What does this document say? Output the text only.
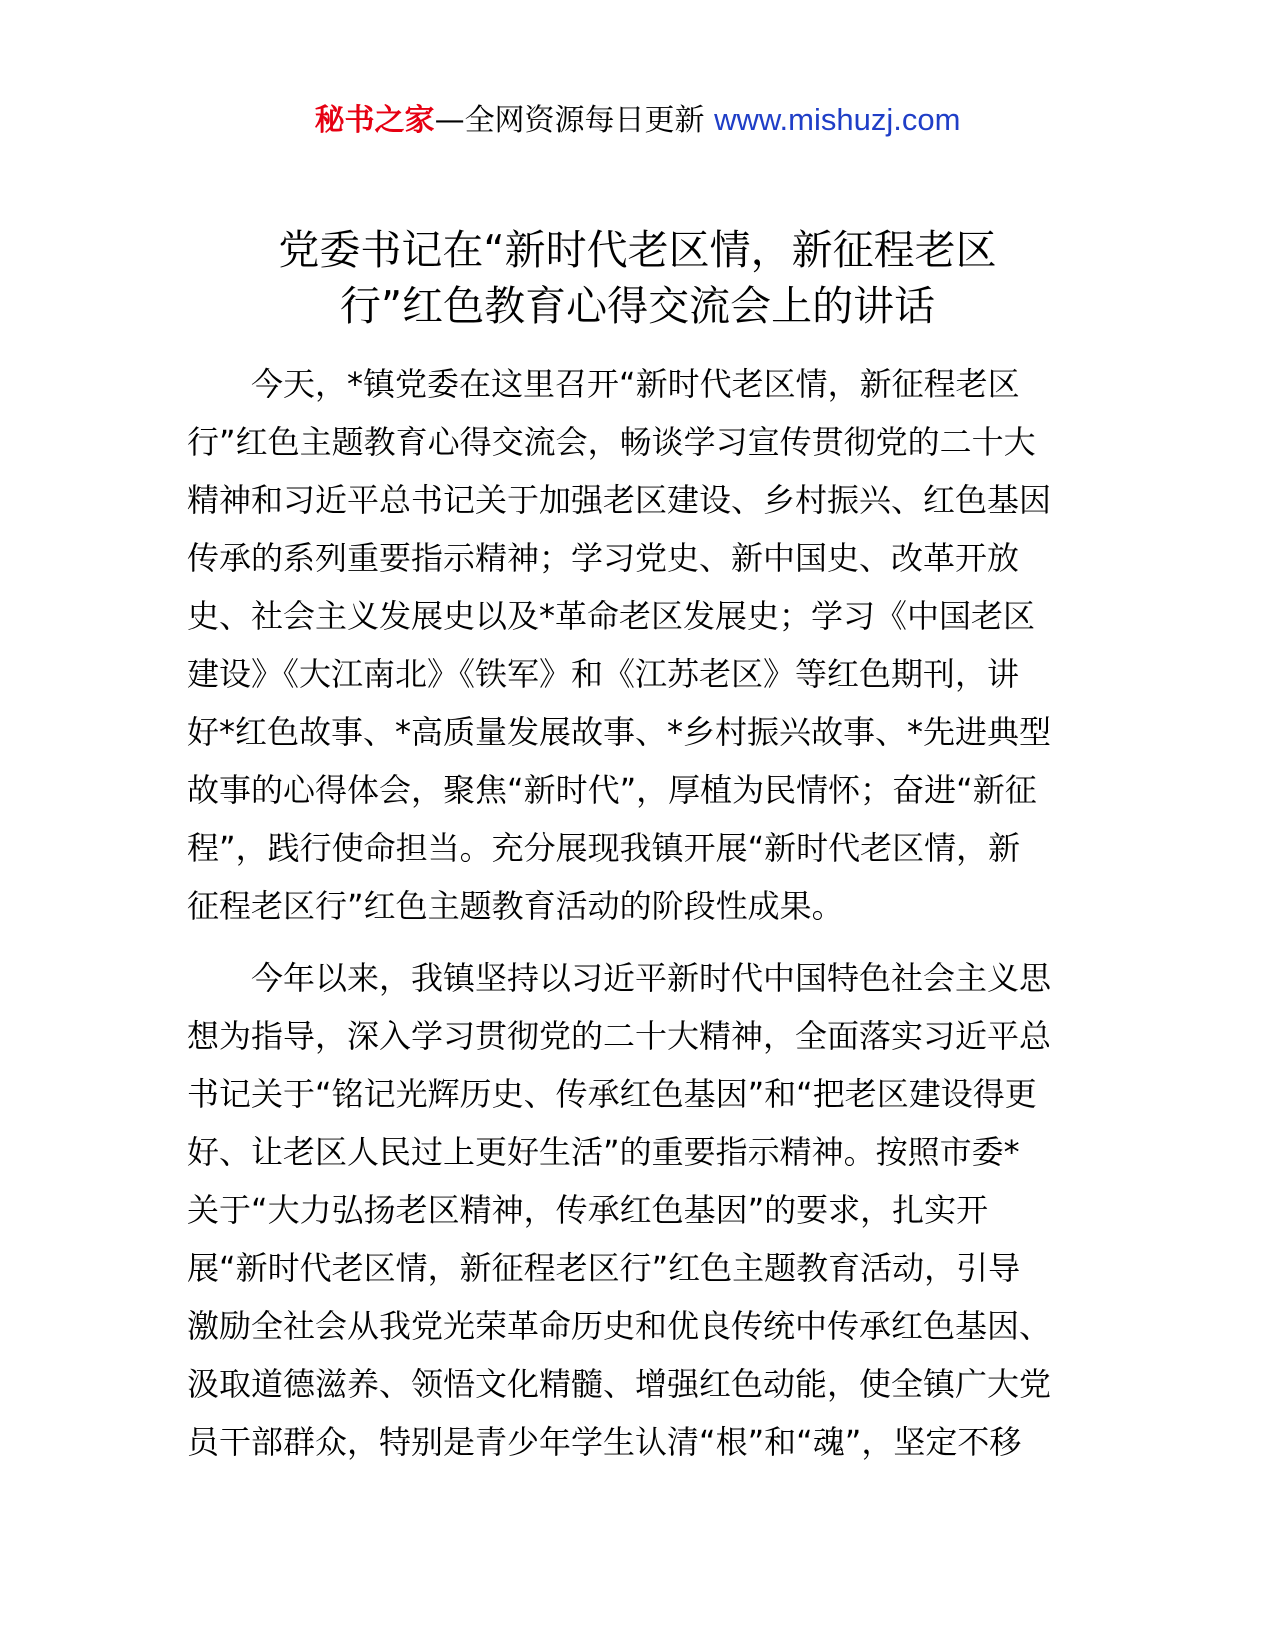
秘书之家—全网资源每日更新 www.mishuzj.com
党委书记在“新时代老区情，新征程老区
行”红色教育心得交流会上的讲话
　　今天，*镇党委在这里召开“新时代老区情，新征程老区
行”红色主题教育心得交流会，畅谈学习宣传贯彻党的二十大
精神和习近平总书记关于加强老区建设、乡村振兴、红色基因
传承的系列重要指示精神；学习党史、新中国史、改革开放
史、社会主义发展史以及*革命老区发展史；学习《中国老区
建设》《大江南北》《铁军》和《江苏老区》等红色期刊，讲
好*红色故事、*高质量发展故事、*乡村振兴故事、*先进典型
故事的心得体会，聚焦“新时代”，厚植为民情怀；奋进“新征
程”，践行使命担当。充分展现我镇开展“新时代老区情，新
征程老区行”红色主题教育活动的阶段性成果。
　　今年以来，我镇坚持以习近平新时代中国特色社会主义思
想为指导，深入学习贯彻党的二十大精神，全面落实习近平总
书记关于“铭记光辉历史、传承红色基因”和“把老区建设得更
好、让老区人民过上更好生活”的重要指示精神。按照市委*
关于“大力弘扬老区精神，传承红色基因”的要求，扎实开
展“新时代老区情，新征程老区行”红色主题教育活动，引导
激励全社会从我党光荣革命历史和优良传统中传承红色基因、
汲取道德滋养、领悟文化精髓、增强红色动能，使全镇广大党
员干部群众，特别是青少年学生认清“根”和“魂”，坚定不移
